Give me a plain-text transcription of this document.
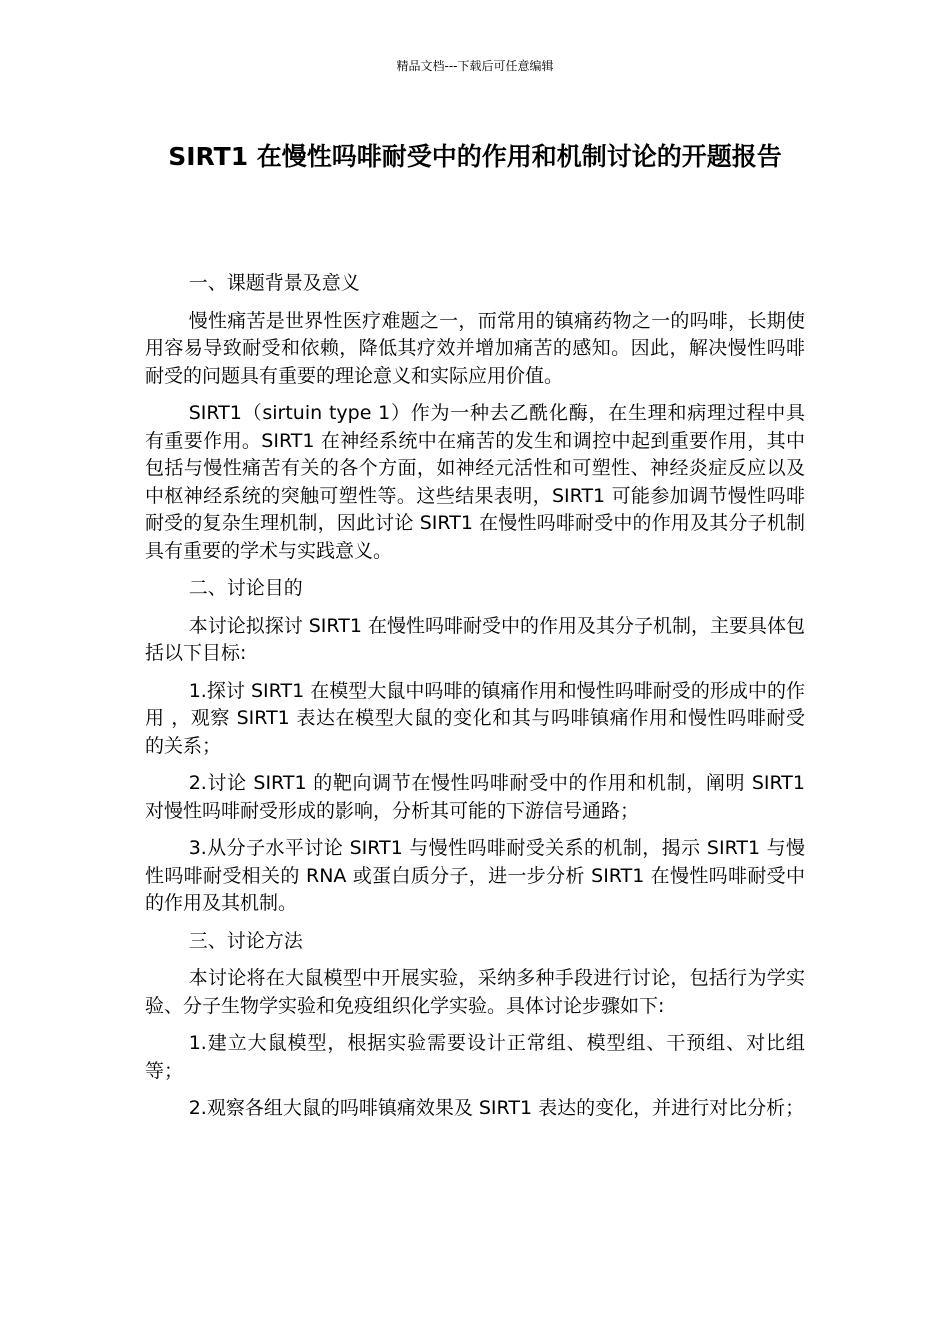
精品文档---下载后可任意编辑
SIRT1 在慢性吗啡耐受中的作用和机制讨论的开题报告
一、课题背景及意义

慢性痛苦是世界性医疗难题之一，而常用的镇痛药物之一的吗啡，长期使用容易导致耐受和依赖，降低其疗效并增加痛苦的感知。因此，解决慢性吗啡耐受的问题具有重要的理论意义和实际应用价值。

SIRT1（sirtuin type 1）作为一种去乙酰化酶，在生理和病理过程中具有重要作用。SIRT1 在神经系统中在痛苦的发生和调控中起到重要作用，其中包括与慢性痛苦有关的各个方面，如神经元活性和可塑性、神经炎症反应以及中枢神经系统的突触可塑性等。这些结果表明，SIRT1 可能参加调节慢性吗啡耐受的复杂生理机制，因此讨论 SIRT1 在慢性吗啡耐受中的作用及其分子机制具有重要的学术与实践意义。

二、讨论目的

本讨论拟探讨 SIRT1 在慢性吗啡耐受中的作用及其分子机制，主要具体包括以下目标:

1.探讨 SIRT1 在模型大鼠中吗啡的镇痛作用和慢性吗啡耐受的形成中的作用 ，观察 SIRT1 表达在模型大鼠的变化和其与吗啡镇痛作用和慢性吗啡耐受的关系；

2.讨论 SIRT1 的靶向调节在慢性吗啡耐受中的作用和机制，阐明 SIRT1 对慢性吗啡耐受形成的影响，分析其可能的下游信号通路；

3.从分子水平讨论 SIRT1 与慢性吗啡耐受关系的机制，揭示 SIRT1 与慢性吗啡耐受相关的 RNA 或蛋白质分子，进一步分析 SIRT1 在慢性吗啡耐受中的作用及其机制。

三、讨论方法

本讨论将在大鼠模型中开展实验，采纳多种手段进行讨论，包括行为学实验、分子生物学实验和免疫组织化学实验。具体讨论步骤如下:

1.建立大鼠模型，根据实验需要设计正常组、模型组、干预组、对比组等；

2.观察各组大鼠的吗啡镇痛效果及 SIRT1 表达的变化，并进行对比分析；
